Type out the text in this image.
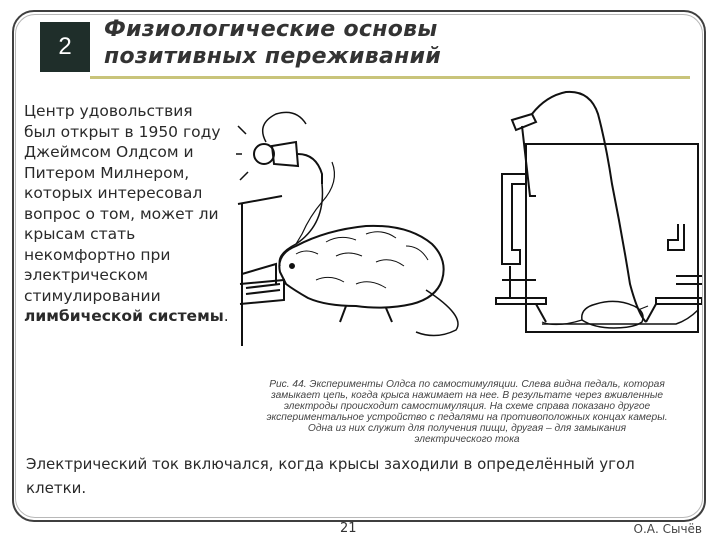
2
Физиологические основы
позитивных переживаний
Центр удовольствия
был открыт в 1950 году
Джеймсом Олдсом и
Питером Милнером,
которых интересовал
вопрос о том, может ли
крысам стать
некомфортно при
электрическом
стимулировании
лимбической системы.
Рис. 44. Эксперименты Олдса по самостимуляции. Слева видна педаль, которая
замыкает цепь, когда крыса нажимает на нее. В результате через вживленные
электроды происходит самостимуляция. На схеме справа показано другое
экспериментальное устройство с педалями на противоположных концах камеры.
Одна из них служит для получения пищи, другая – для замыкания
электрического тока
Электрический ток включался, когда крысы заходили в определённый угол
клетки.
21	О.А. Сычёв
